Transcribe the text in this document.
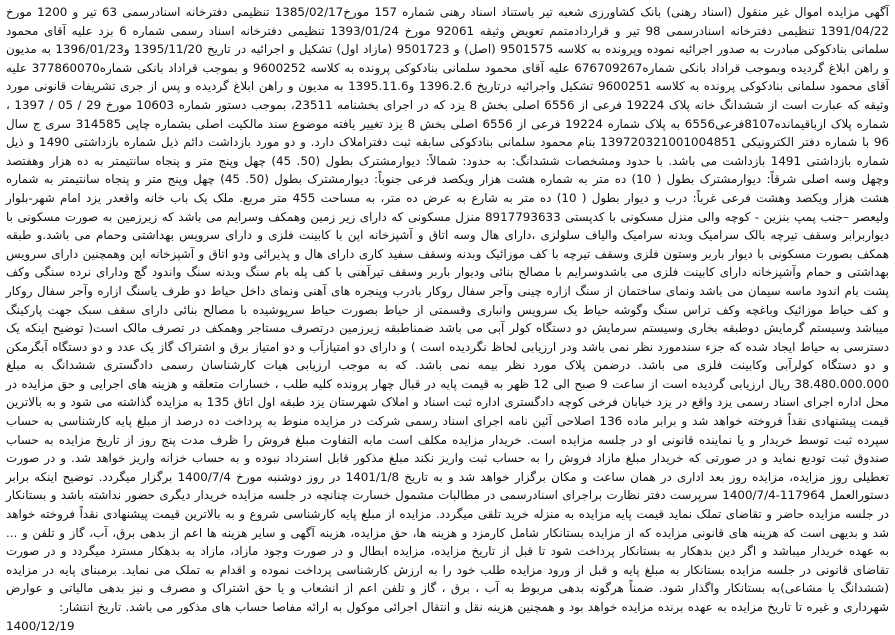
آگهی مزایده اموال غیر منقول (اسناد رهنی) بانک کشاورزی شعبه تیر باستناد اسناد رهنی شماره 157 مورخ1385/02/17 تنظیمی دفترخانه اسنادرسمی 63 تیر و 1200 مورخ 1391/04/22 تنظیمی دفترخانه اسنادرسمی 98 تیر و قراردادمتمم تعویض وثیقه 92061 مورخ 1393/01/24 تنظیمی دفترخانه اسناد رسمی شماره 6 بزد علیه آقای محمود سلمانی بنادکوکی مبادرت به صدور اجرائیه نموده وپرونده به کلاسه 9501575 (اصل) و 9501723 (مازاد اول) تشکیل و اجرائیه در تاریخ 1395/11/20 و1396/01/23 به مدیون و راهن ابلاغ گردیده وبموجب قراداد بانکی شماره676709267 علیه آقای محمود سلمانی بنادکوکی پرونده به کلاسه 9600252 و بموجب قراداد بانکی شماره377860070 علیه آقای محمود سلمانی بنادکوکی پرونده به کلاسه 9600251 تشکیل واجرائیه درتاریخ 1396.2.6 و1395.11.6 به مدیون و راهن ابلاغ گردیده و پس از جری تشریفات قانونی مورد وثیقه که عبارت است از ششدانگ خانه پلاک 19224 فرعی از 6556 اصلی بخش 8 یزد که در اجرای بخشنامه 23511، بموجب دستور شماره 10603 مورخ 29 / 05 / 1397 ، شماره پلاک ازباقیمانده8107فرعی6556 به پلاک شماره 19224 فرعی از 6556 اصلی بخش 8 یزد تغییر یافته موضوع سند مالکیت اصلی بشماره چاپی 314585 سری ج سال 96 با شماره دفتر الکترونیکی 139720321001004851 بنام محمود سلمانی بنادکوکی سابقه ثبت دفتراملاک دارد. و دو مورد بازداشت دائم ذیل شماره بازداشتی 1490 و ذیل شماره بازداشتی 1491 بازداشت می باشد. با حدود ومشخصات ششدانگ: به حدود: شمالاً: دیوارمشترک بطول (50. 45) چهل وپنج متر و پنجاه سانتیمتر به ده هزار وهفتصد وچهل وسه اصلی شرقاً: دیوارمشترک بطول ( 10) ده متر به شماره هشت هزار ویکصد فرعی جنوباً: دیوارمشترک بطول (50. 45) چهل وپنج متر و پنجاه سانتیمتر به شماره هشت هزار ویکصد وهشت فرعی غرباً: درب و دیوار بطول ( 10) ده متر به شارع به عرض ده متر، به مساحت 455 متر مربع. ملک یک باب خانه واقعدر یزد امام شهر-بلوار ولیعصر –جنب پمپ بنزین - کوچه والی منزل مسکونی با کدپستی 8917793633 منزل مسکونی که دارای زیر زمین وهمکف وسرایم می باشد که زیرزمین به صورت مسکونی با دیواربرابر وسقف تیرچه بالک سرامیک وبدنه سرامیک والیاف سلولزی ،دارای هال وسه اتاق و آشپزخانه اپن با کابینت فلزی و دارای سرویس بهداشتی وحمام می باشد.و طبقه همکف بصورت مسکونی با دیوار باربر وستون فلزی وسقف تیرچه با کف موزائیک وبدنه وسقف سفید کاری دارای هال و پذیرائی ودو اتاق و آشپزخانه اپن وهمچنین دارای سرویس بهداشتی و حمام وآشپزخانه دارای کابینت فلزی می باشدوسرایم با مصالح بنائی ودیوار باربر وسقف تیرآهنی با کف پله بام سنگ وبدنه سنگ واندود گچ ودارای نرده سنگی وکف پشت بام اندود ماسه سیمان می باشد ونمای ساختمان از سنگ ازاره چینی وآجر سفال روکار بادرب وپنجره های آهنی ونمای داخل حیاط دو طرف یاسنگ ازاره وآجر سفال روکار و کف حیاط موزائیک وباغچه وکف تراس سنگ وگوشه حیاط یک سرویس وانباری وقسمتی از حیاط بصورت حیاط سرپوشیده با مصالح بنائی دارای سقف سبک جهت پارکینگ میباشد وسیستم گرمایش دوطبقه بخاری وسیستم سرمایش دو دستگاه کولر آبی می باشد ضمناطبقه زیرزمین درتصرف مستاجر وهمکف در تصرف مالک است( توضیح اینکه یک دسترسی به حیاط ایجاد شده که جزء سندمورد نظر نمی باشد ودر ارزیابی لحاظ نگردیده است ) و دارای دو امتیازآب و دو امتیاز برق و اشتراک گاز یک عدد و دو دستگاه آبگرمکن و دو دستگاه کولرآبی وکابینت فلزی می باشد. درضمن پلاک مورد نظر بیمه نمی باشد. که به موجب ارزیابی هیات کارشناسان رسمی دادگستری ششدانگ به مبلغ 38.480.000.000 ریال ارزیابی گردیده است از ساعت 9 صبح الی 12 ظهر به قیمت پایه در قبال چهار پرونده کلیه طلب ، خسارات متعلقه و هزینه های اجرایی و حق مزایده در محل اداره اجرای اسناد رسمی یزد واقع در یزد خیابان فرخی کوچه دادگستری اداره ثبت اسناد و املاک شهرستان یزد طبقه اول اتاق 135 به مزایده گذاشته می شود و به بالاترین قیمت پیشنهادی نقداً فروخته خواهد شد و برابر ماده 136 اصلاحی آئین نامه اجرای اسناد رسمی شرکت در مزایده منوط به پرداخت ده درصد از مبلغ پایه کارشناسی به حساب سپرده ثبت توسط خریدار و یا نماینده قانونی او در جلسه مزایده است. خریدار مزایده مکلف است مابه التفاوت مبلغ فروش را ظرف مدت پنج روز از تاریخ مزایده به حساب صندوق ثبت تودیع نماید و در صورتی که خریدار مبلغ مازاد فروش را به حساب ثبت واریز نکند مبلغ مذکور قابل استرداد نبوده و به حساب خزانه واریز خواهد شد. و در صورت تعطیلی روز مزایده، مزایده روز بعد اداری در همان ساعت و مکان برگزار خواهد شد و به تاریخ 1401/1/8 در روز دوشنبه مورخ 1400/7/4 برگزار میگردد. توضیح اینکه برابر دستورالعمل 117964-1400/7/4 سرپرست دفتر نظارت براجرای اسنادرسمی در مطالبات مشمول خسارت چنانچه در جلسه مزایده خریدار دیگری حضور نداشته باشد و بستانکار در جلسه مزایده حاضر و تقاضای تملک نماید قیمت پایه مزایده به منزله خرید تلقی میگردد. مزایده از مبلغ پایه کارشناسی شروع و به بالاترین قیمت پیشنهادی نقداً فروخته خواهد شد و بدیهی است که هزینه های قانونی مزایده که از مزایده بستانکار شامل کارمزد و هزینه ها، حق مزایده، هزینه آگهی و سایر هزینه ها اعم از بدهی برق، آب، گاز و تلفن و ... به عهده خریدار میباشد و اگر دین بدهکار به بستانکار پرداخت شود تا قبل از تاریخ مزایده، مزایده ابطال و در صورت وجود مازاد، مازاد به بدهکار مسترد میگردد و در صورت تقاضای قانونی در جلسه مزایده بستانکار به مبلغ پایه و قبل از ورود مزایده طلب خود را به ارزش کارشناسی پرداخت نموده و اقدام به تملک می نماید. برمبنای پایه در مزایده (ششدانگ یا مشاعی)به بستانکار واگذار شود. ضمناً هرگونه بدهی مربوط به آب ، برق ، گاز و تلفن اعم از انشعاب و یا حق اشتراک و مصرف و نیز بدهی مالیاتی و عوارض شهرداری و غیره تا تاریخ مزایده به عهده برنده مزایده خواهد بود و همچنین هزینه نقل و انتقال اجرائی موکول به ارائه مفاصا حساب های مذکور می باشد. تاریخ انتشار:
1400/12/19
